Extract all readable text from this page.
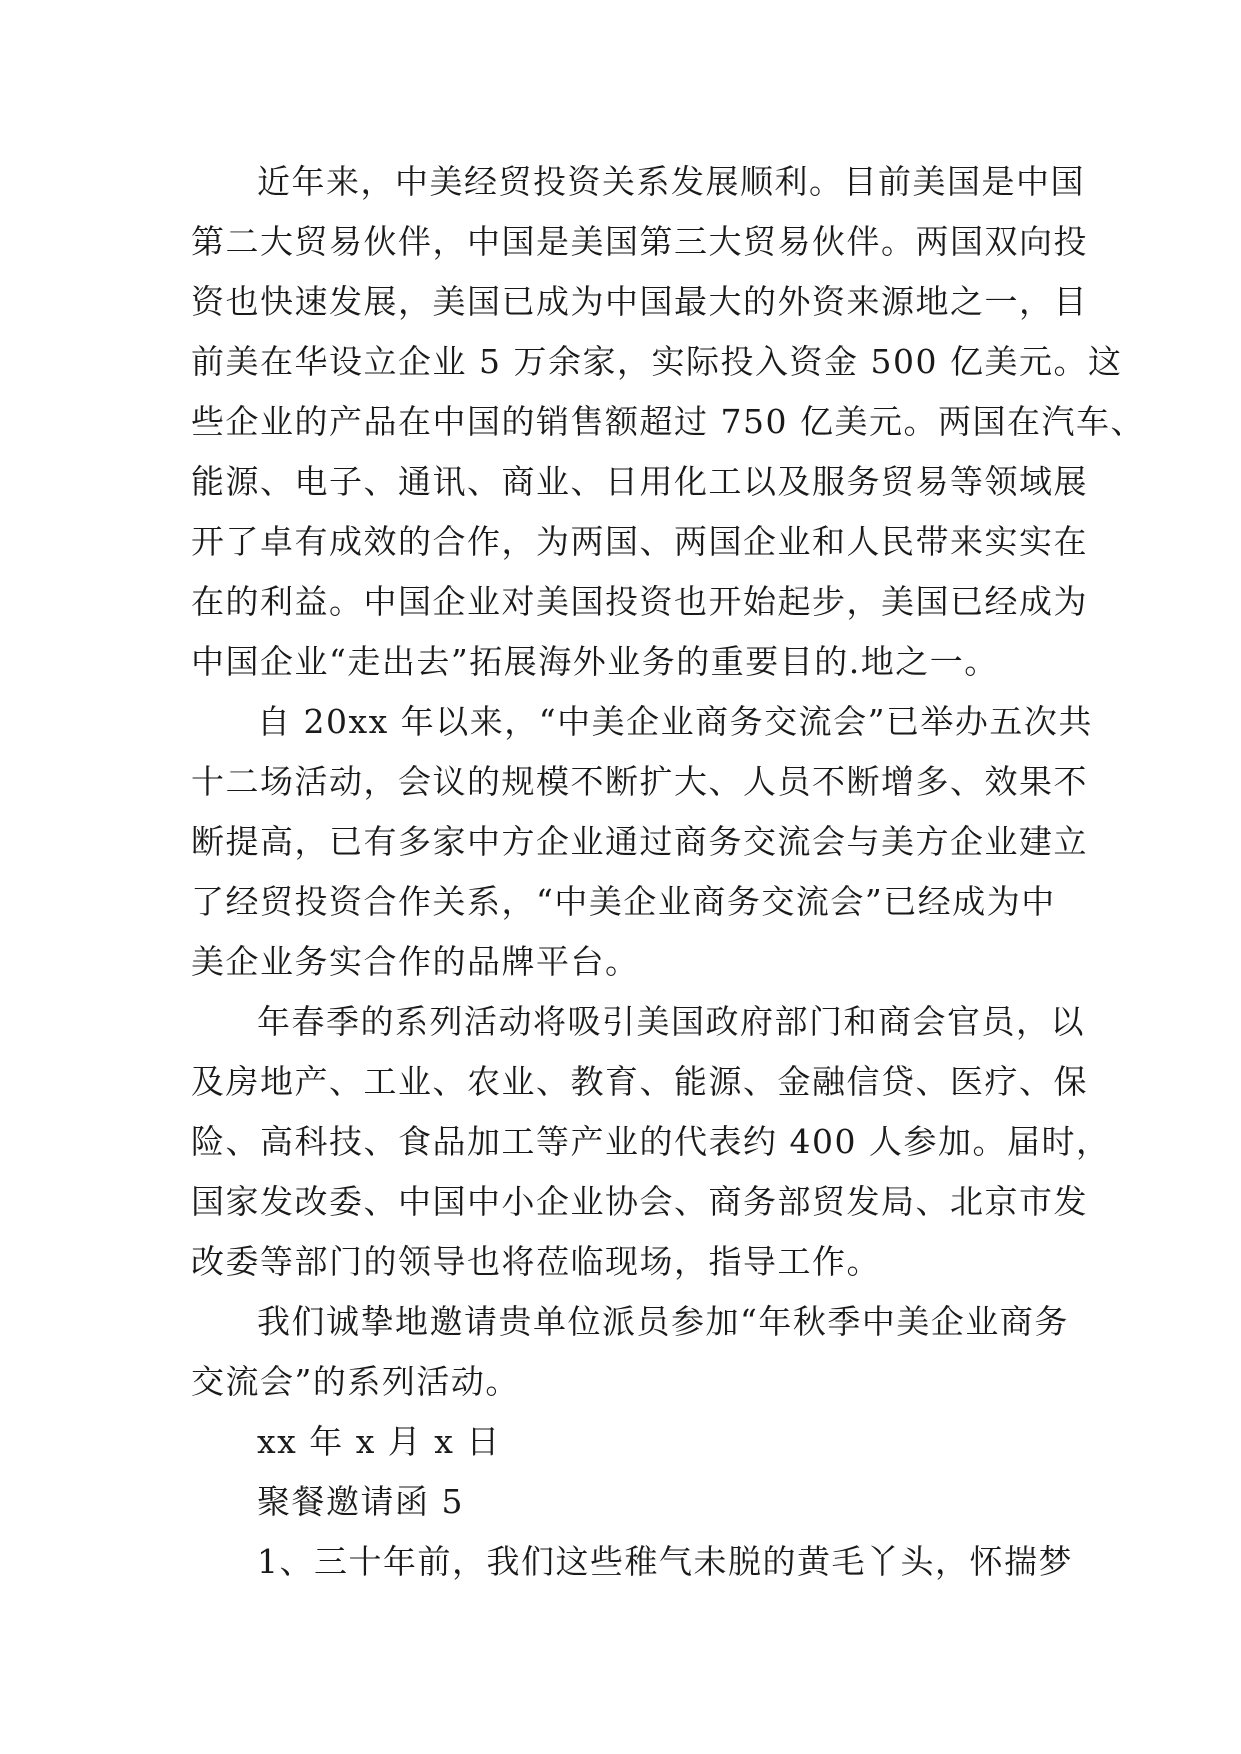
近年来，中美经贸投资关系发展顺利。目前美国是中国
第二大贸易伙伴，中国是美国第三大贸易伙伴。两国双向投
资也快速发展，美国已成为中国最大的外资来源地之一，目
前美在华设立企业 5 万余家，实际投入资金 500 亿美元。这
些企业的产品在中国的销售额超过 750 亿美元。两国在汽车、
能源、电子、通讯、商业、日用化工以及服务贸易等领域展
开了卓有成效的合作，为两国、两国企业和人民带来实实在
在的利益。中国企业对美国投资也开始起步，美国已经成为
中国企业“走出去”拓展海外业务的重要目的.地之一。
自 20xx 年以来，“中美企业商务交流会”已举办五次共
十二场活动，会议的规模不断扩大、人员不断增多、效果不
断提高，已有多家中方企业通过商务交流会与美方企业建立
了经贸投资合作关系，“中美企业商务交流会”已经成为中
美企业务实合作的品牌平台。
年春季的系列活动将吸引美国政府部门和商会官员，以
及房地产、工业、农业、教育、能源、金融信贷、医疗、保
险、高科技、食品加工等产业的代表约 400 人参加。届时，
国家发改委、中国中小企业协会、商务部贸发局、北京市发
改委等部门的领导也将莅临现场，指导工作。
我们诚挚地邀请贵单位派员参加“年秋季中美企业商务
交流会”的系列活动。
xx 年 x 月 x 日
聚餐邀请函 5
1、三十年前，我们这些稚气未脱的黄毛丫头，怀揣梦
